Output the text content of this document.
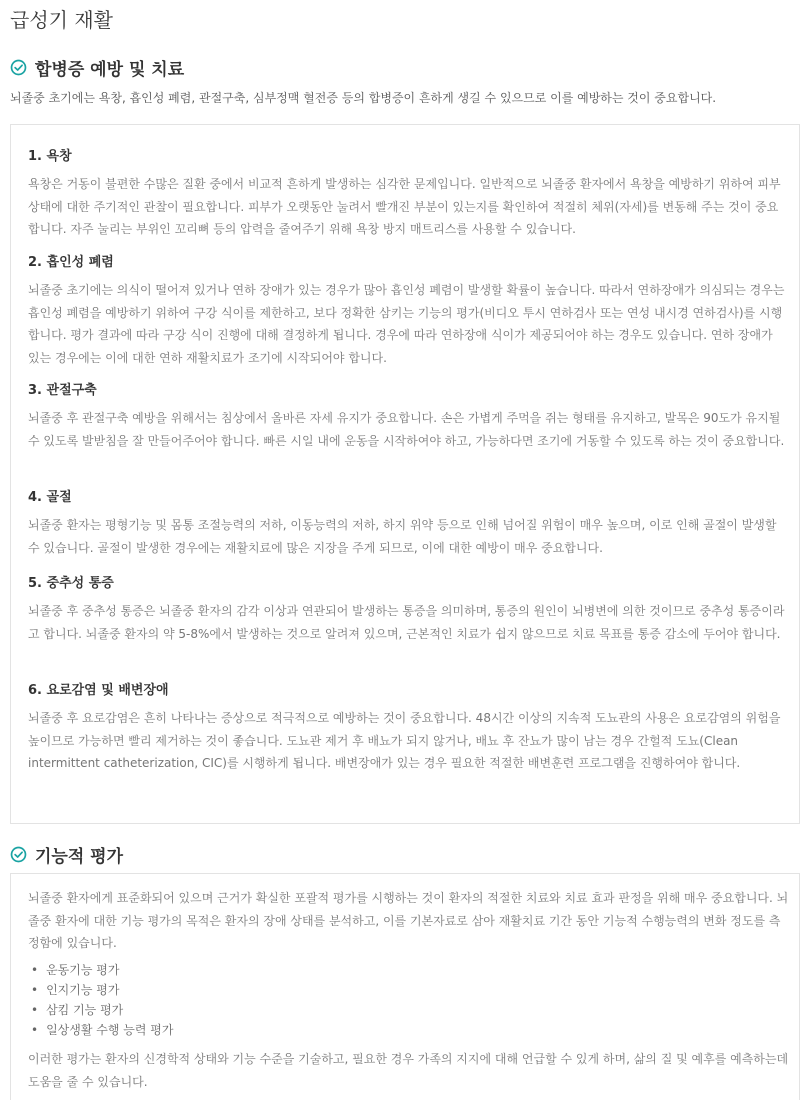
급성기 재활
합병증 예방 및 치료
뇌졸중 초기에는 욕창, 흡인성 폐렴, 관절구축, 심부정맥 혈전증 등의 합병증이 흔하게 생길 수 있으므로 이를 예방하는 것이 중요합니다.
1. 욕창
욕창은 거동이 불편한 수많은 질환 중에서 비교적 흔하게 발생하는 심각한 문제입니다. 일반적으로 뇌졸중 환자에서 욕창을 예방하기 위하여 피부 상태에 대한 주기적인 관찰이 필요합니다. 피부가 오랫동안 눌려서 빨개진 부분이 있는지를 확인하여 적절히 체위(자세)를 변동해 주는 것이 중요합니다. 자주 눌리는 부위인 꼬리뼈 등의 압력을 줄여주기 위해 욕창 방지 매트리스를 사용할 수 있습니다.
2. 흡인성 폐렴
뇌졸중 초기에는 의식이 떨어져 있거나 연하 장애가 있는 경우가 많아 흡인성 폐렴이 발생할 확률이 높습니다. 따라서 연하장애가 의심되는 경우는 흡인성 폐렴을 예방하기 위하여 구강 식이를 제한하고, 보다 정확한 삼키는 기능의 평가(비디오 투시 연하검사 또는 연성 내시경 연하검사)를 시행합니다. 평가 결과에 따라 구강 식이 진행에 대해 결정하게 됩니다. 경우에 따라 연하장애 식이가 제공되어야 하는 경우도 있습니다. 연하 장애가 있는 경우에는 이에 대한 연하 재활치료가 조기에 시작되어야 합니다.
3. 관절구축
뇌졸중 후 관절구축 예방을 위해서는 침상에서 올바른 자세 유지가 중요합니다. 손은 가볍게 주먹을 쥐는 형태를 유지하고, 발목은 90도가 유지될 수 있도록 발받침을 잘 만들어주어야 합니다. 빠른 시일 내에 운동을 시작하여야 하고, 가능하다면 조기에 거동할 수 있도록 하는 것이 중요합니다.
4. 골절
뇌졸중 환자는 평형기능 및 몸통 조절능력의 저하, 이동능력의 저하, 하지 위약 등으로 인해 넘어질 위험이 매우 높으며, 이로 인해 골절이 발생할 수 있습니다. 골절이 발생한 경우에는 재활치료에 많은 지장을 주게 되므로, 이에 대한 예방이 매우 중요합니다.
5. 중추성 통증
뇌졸중 후 중추성 통증은 뇌졸중 환자의 감각 이상과 연관되어 발생하는 통증을 의미하며, 통증의 원인이 뇌병변에 의한 것이므로 중추성 통증이라고 합니다. 뇌졸중 환자의 약 5-8%에서 발생하는 것으로 알려져 있으며, 근본적인 치료가 쉽지 않으므로 치료 목표를 통증 감소에 두어야 합니다.
6. 요로감염 및 배변장애
뇌졸중 후 요로감염은 흔히 나타나는 증상으로 적극적으로 예방하는 것이 중요합니다. 48시간 이상의 지속적 도뇨관의 사용은 요로감염의 위험을 높이므로 가능하면 빨리 제거하는 것이 좋습니다. 도뇨관 제거 후 배뇨가 되지 않거나, 배뇨 후 잔뇨가 많이 남는 경우 간헐적 도뇨(Clean intermittent catheterization, CIC)를 시행하게 됩니다. 배변장애가 있는 경우 필요한 적절한 배변훈련 프로그램을 진행하여야 합니다.
기능적 평가
뇌졸중 환자에게 표준화되어 있으며 근거가 확실한 포괄적 평가를 시행하는 것이 환자의 적절한 치료와 치료 효과 판정을 위해 매우 중요합니다. 뇌졸중 환자에 대한 기능 평가의 목적은 환자의 장애 상태를 분석하고, 이를 기본자료로 삼아 재활치료 기간 동안 기능적 수행능력의 변화 정도를 측정함에 있습니다.
• 운동기능 평가
• 인지기능 평가
• 삼킴 기능 평가
• 일상생활 수행 능력 평가
이러한 평가는 환자의 신경학적 상태와 기능 수준을 기술하고, 필요한 경우 가족의 지지에 대해 언급할 수 있게 하며, 삶의 질 및 예후를 예측하는데 도움을 줄 수 있습니다.
